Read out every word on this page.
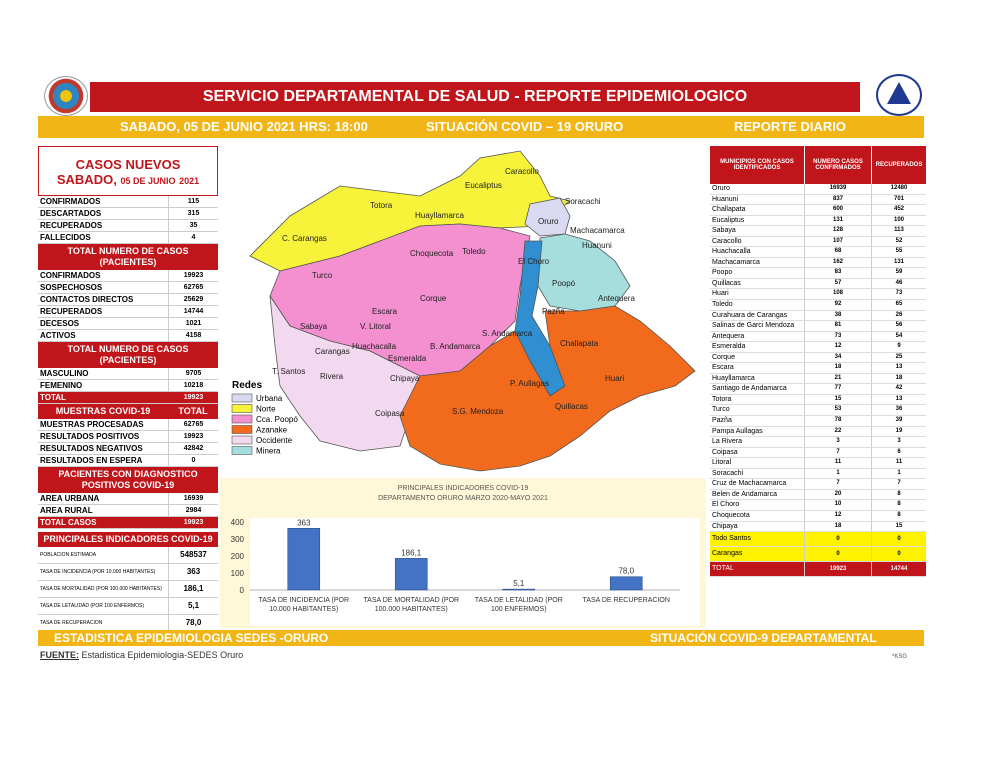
SERVICIO DEPARTAMENTAL DE SALUD - REPORTE EPIDEMIOLOGICO
SABADO, 05 DE JUNIO 2021 HRS: 18:00	SITUACIÓN COVID – 19 ORURO	REPORTE DIARIO
CASOS NUEVOS
SABADO, 05 DE JUNIO 2021
CONFIRMADOS	115
DESCARTADOS	315
RECUPERADOS	35
FALLECIDOS	4
TOTAL NUMERO DE CASOS (PACIENTES)
CONFIRMADOS	19923
SOSPECHOSOS	62765
CONTACTOS DIRECTOS	25629
RECUPERADOS	14744
DECESOS	1021
ACTIVOS	4158
TOTAL NUMERO DE CASOS (PACIENTES)
MASCULINO	9705
FEMENINO	10218
TOTAL	19923
MUESTRAS COVID-19	TOTAL
MUESTRAS PROCESADAS	62765
RESULTADOS POSITIVOS	19923
RESULTADOS NEGATIVOS	42842
RESULTADOS EN ESPERA	0
PACIENTES CON DIAGNOSTICO POSITIVOS COVID-19
AREA URBANA	16939
AREA RURAL	2984
TOTAL CASOS	19923
PRINCIPALES INDICADORES COVID-19
POBLACION ESTIMADA	548537
TASA DE INCIDENCIA (POR 10.000 HABITANTES)	363
TASA DE MORTALIDAD (POR 100.000 HABITANTES)	186,1
TASA DE LETALIDAD (POR 100 ENFERMOS)	5,1
TASA DE RECUPERACION	78,0
Eucaliptus
Caracollo
Soracachi
Totora
Huayllamarca
Oruro
C. Carangas
Choquecota Toledo
Machacamarca
Huanuni
Turco
El Choro
Poopó
Antequera
Corque
Escara	Pazña
Sabaya	V. Litoral
S. Andamarca
Challapata
Huachacalla	B. Andamarca
Carangas
Esmeralda
T. Santos
Rivera	Chipaya
P. Aullagas
Huari
Coipasa	S.G. Mendoza
Quillacas
Redes
Urbana
Norte
Cca. Poopó
Azanake
Occidente
Minera
PRINCIPALES INDICADORES COVID-19
DEPARTAMENTO ORURO MARZO 2020-MAYO 2021
0
100
200
300
400	363
TASA DE INCIDENCIA (POR
10.000 HABITANTES)
186,1
TASA DE MORTALIDAD (POR
100.000 HABITANTES)
5,1
TASA DE LETALIDAD (POR
100 ENFERMOS)
78,0
TASA DE RECUPERACION
MUNICIPIOS CON CASOS IDENTIFICADOS
NUMERO CASOS CONFIRMADOS	RECUPERADOS
Oruro	16939	12480
Huanuni	837	701
Challapata	600	452
Eucaliptus	131	100
Sabaya	128	113
Caracollo	107	52
Huachacalla	68	55
Machacamarca	162	131
Poopo	83	59
Quillacas	57	46
Huari	108	73
Toledo	92	65
Curahuara de Carangas	38	26
Salinas de Garci Mendoza	81	56
Antequera	73	54
Esmeralda	12	9
Corque	34	25
Escara	18	13
Huayllamarca	21	18
Santiago de Andamarca	77	42
Totora	15	13
Turco	53	36
Pazña	78	39
Pampa Aullagas	22	19
La Rivera	3	3
Coipasa	7	6
Litoral	11	11
Soracachi	1	1
Cruz de Machacamarca	7	7
Belen de Andamarca	20	8
El Choro	10	8
Choquecota	12	8
Chipaya	18	15
Todo Santos	0	0
Carangas	0	0
TOTAL	19923	14744
ESTADISTICA EPIDEMIOLOGIA SEDES -ORURO	SITUACIÓN COVID-9 DEPARTAMENTAL
FUENTE: Estadistica Epidemiologia-SEDES Oruro	*KSG
